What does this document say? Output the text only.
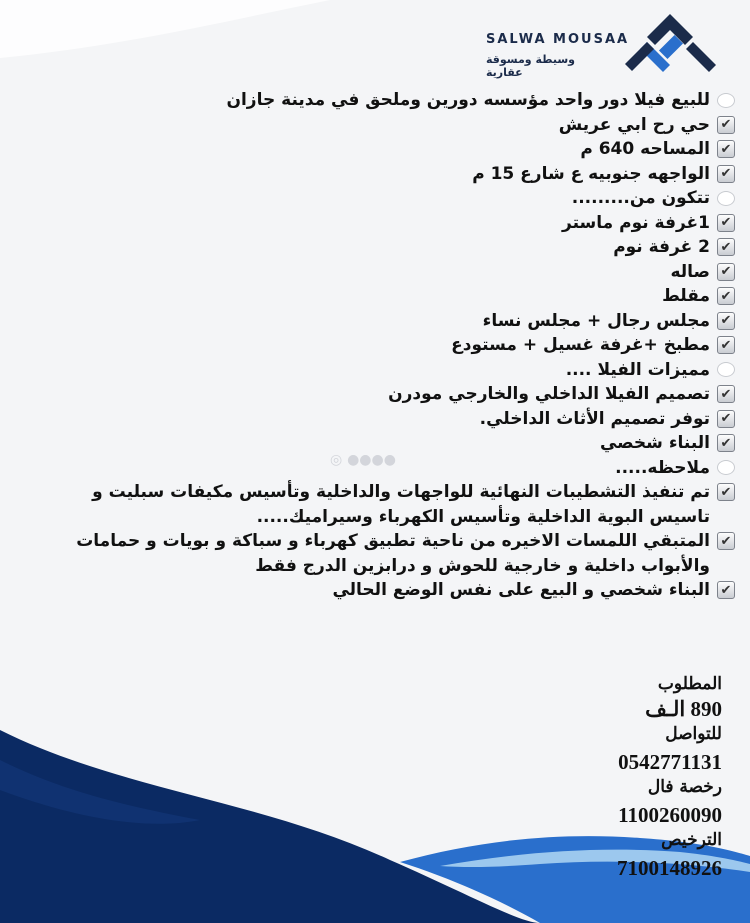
SALWA MOUSAA
وسيطة ومسوقة عقارية
◎ ●●●●
للبيع فيلا دور واحد مؤسسه دورين وملحق في مدينة جازان
✔
حي رح ابي عريش
✔
المساحه 640 م
✔
الواجهه جنوبيه ع شارع 15 م
تتكون من.........
✔
1غرفة نوم ماستر
✔
2 غرفة نوم
✔
صاله
✔
مقلط
✔
مجلس رجال + مجلس نساء
✔
مطبخ +غرفة غسيل + مستودع
مميزات الفيلا ....
✔
تصميم الفيلا الداخلي والخارجي مودرن
✔
توفر تصميم الأثاث الداخلي.
✔
البناء شخصي
ملاحظه.....
✔
تم تنفيذ التشطيبات النهائية للواجهات والداخلية وتأسيس مكيفات سبليت و تاسيس البوية الداخلية وتأسيس الكهرباء وسيراميك.....
✔
المتبقي اللمسات الاخيره من ناحية تطبيق كهرباء و سباكة و بويات و حمامات والأبواب داخلية و خارجية للحوش و درابزين الدرج فقط
✔
البناء شخصي و البيع على نفس الوضع الحالي
المطلوب
890 الـف
للتواصل
0542771131
رخصة فال
1100260090
الترخيص
7100148926
